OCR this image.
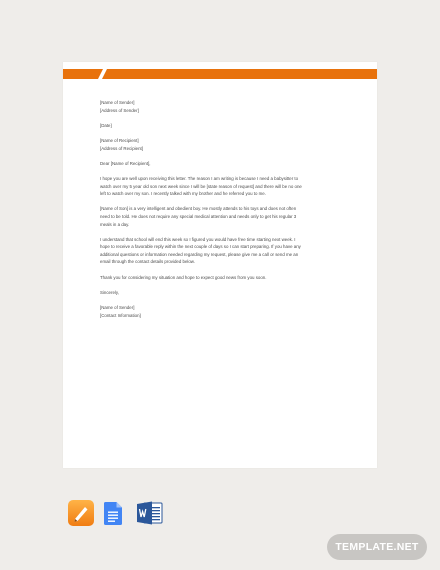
[Name of Sender]
[Address of Sender]
[Date]
[Name of Recipient]
[Address of Recipient]
Dear [Name of Recipient],
I hope you are well upon receiving this letter. The reason I am writing is because I need a babysitter to
watch over my 5 year old son next week since I will be [state reason of request] and there will be no one
left to watch over my son. I recently talked with my brother and he referred you to me.
[Name of Son] is a very intelligent and obedient boy. He mostly attends to his toys and does not often
need to be told. He does not require any special medical attention and needs only to get his regular 3
meals in a day.
I understand that school will end this week so I figured you would have free time starting next week. I
hope to receive a favorable reply within the next couple of days so I can start preparing. If you have any
additional questions or information needed regarding my request, please give me a call or send me an
email through the contact details provided below.
Thank you for considering my situation and hope to expect good news from you soon.
Sincerely,
[Name of Sender]
[Contact Information]
TEMPLATE.NET
